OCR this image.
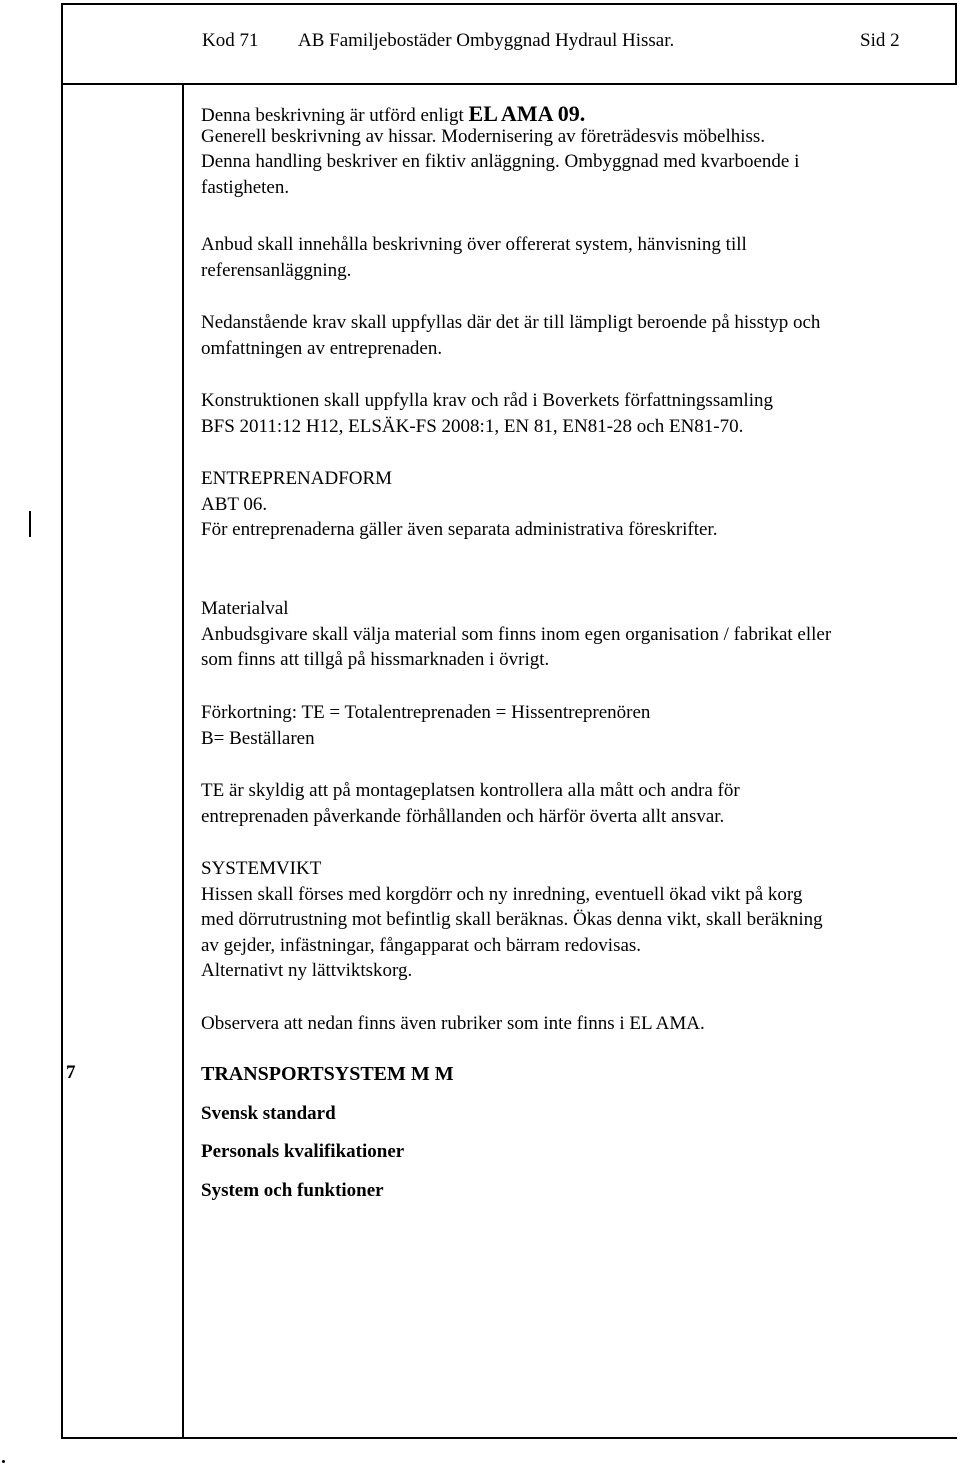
Kod 71 AB Familjebostäder Ombyggnad Hydraul Hissar.	Sid 2
Denna beskrivning är utförd enligt EL AMA 09.
Generell beskrivning av hissar. Modernisering av företrädesvis möbelhiss.
Denna handling beskriver en fiktiv anläggning. Ombyggnad med kvarboende i
fastigheten.
Anbud skall innehålla beskrivning över offererat system, hänvisning till
referensanläggning.
Nedanstående krav skall uppfyllas där det är till lämpligt beroende på hisstyp och
omfattningen av entreprenaden.
Konstruktionen skall uppfylla krav och råd i Boverkets författningssamling
BFS 2011:12 H12, ELSÄK-FS 2008:1, EN 81, EN81-28 och EN81-70.
ENTREPRENADFORM
ABT 06.
För entreprenaderna gäller även separata administrativa föreskrifter.
Materialval
Anbudsgivare skall välja material som finns inom egen organisation / fabrikat eller
som finns att tillgå på hissmarknaden i övrigt.
Förkortning: TE = Totalentreprenaden = Hissentreprenören
B= Beställaren
TE är skyldig att på montageplatsen kontrollera alla mått och andra för
entreprenaden påverkande förhållanden och härför överta allt ansvar.
SYSTEMVIKT
Hissen skall förses med korgdörr och ny inredning, eventuell ökad vikt på korg
med dörrutrustning mot befintlig skall beräknas. Ökas denna vikt, skall beräkning
av gejder, infästningar, fångapparat och bärram redovisas.
Alternativt ny lättviktskorg.
Observera att nedan finns även rubriker som inte finns i EL AMA.
7	TRANSPORTSYSTEM M M
Svensk standard
Personals kvalifikationer
System och funktioner
